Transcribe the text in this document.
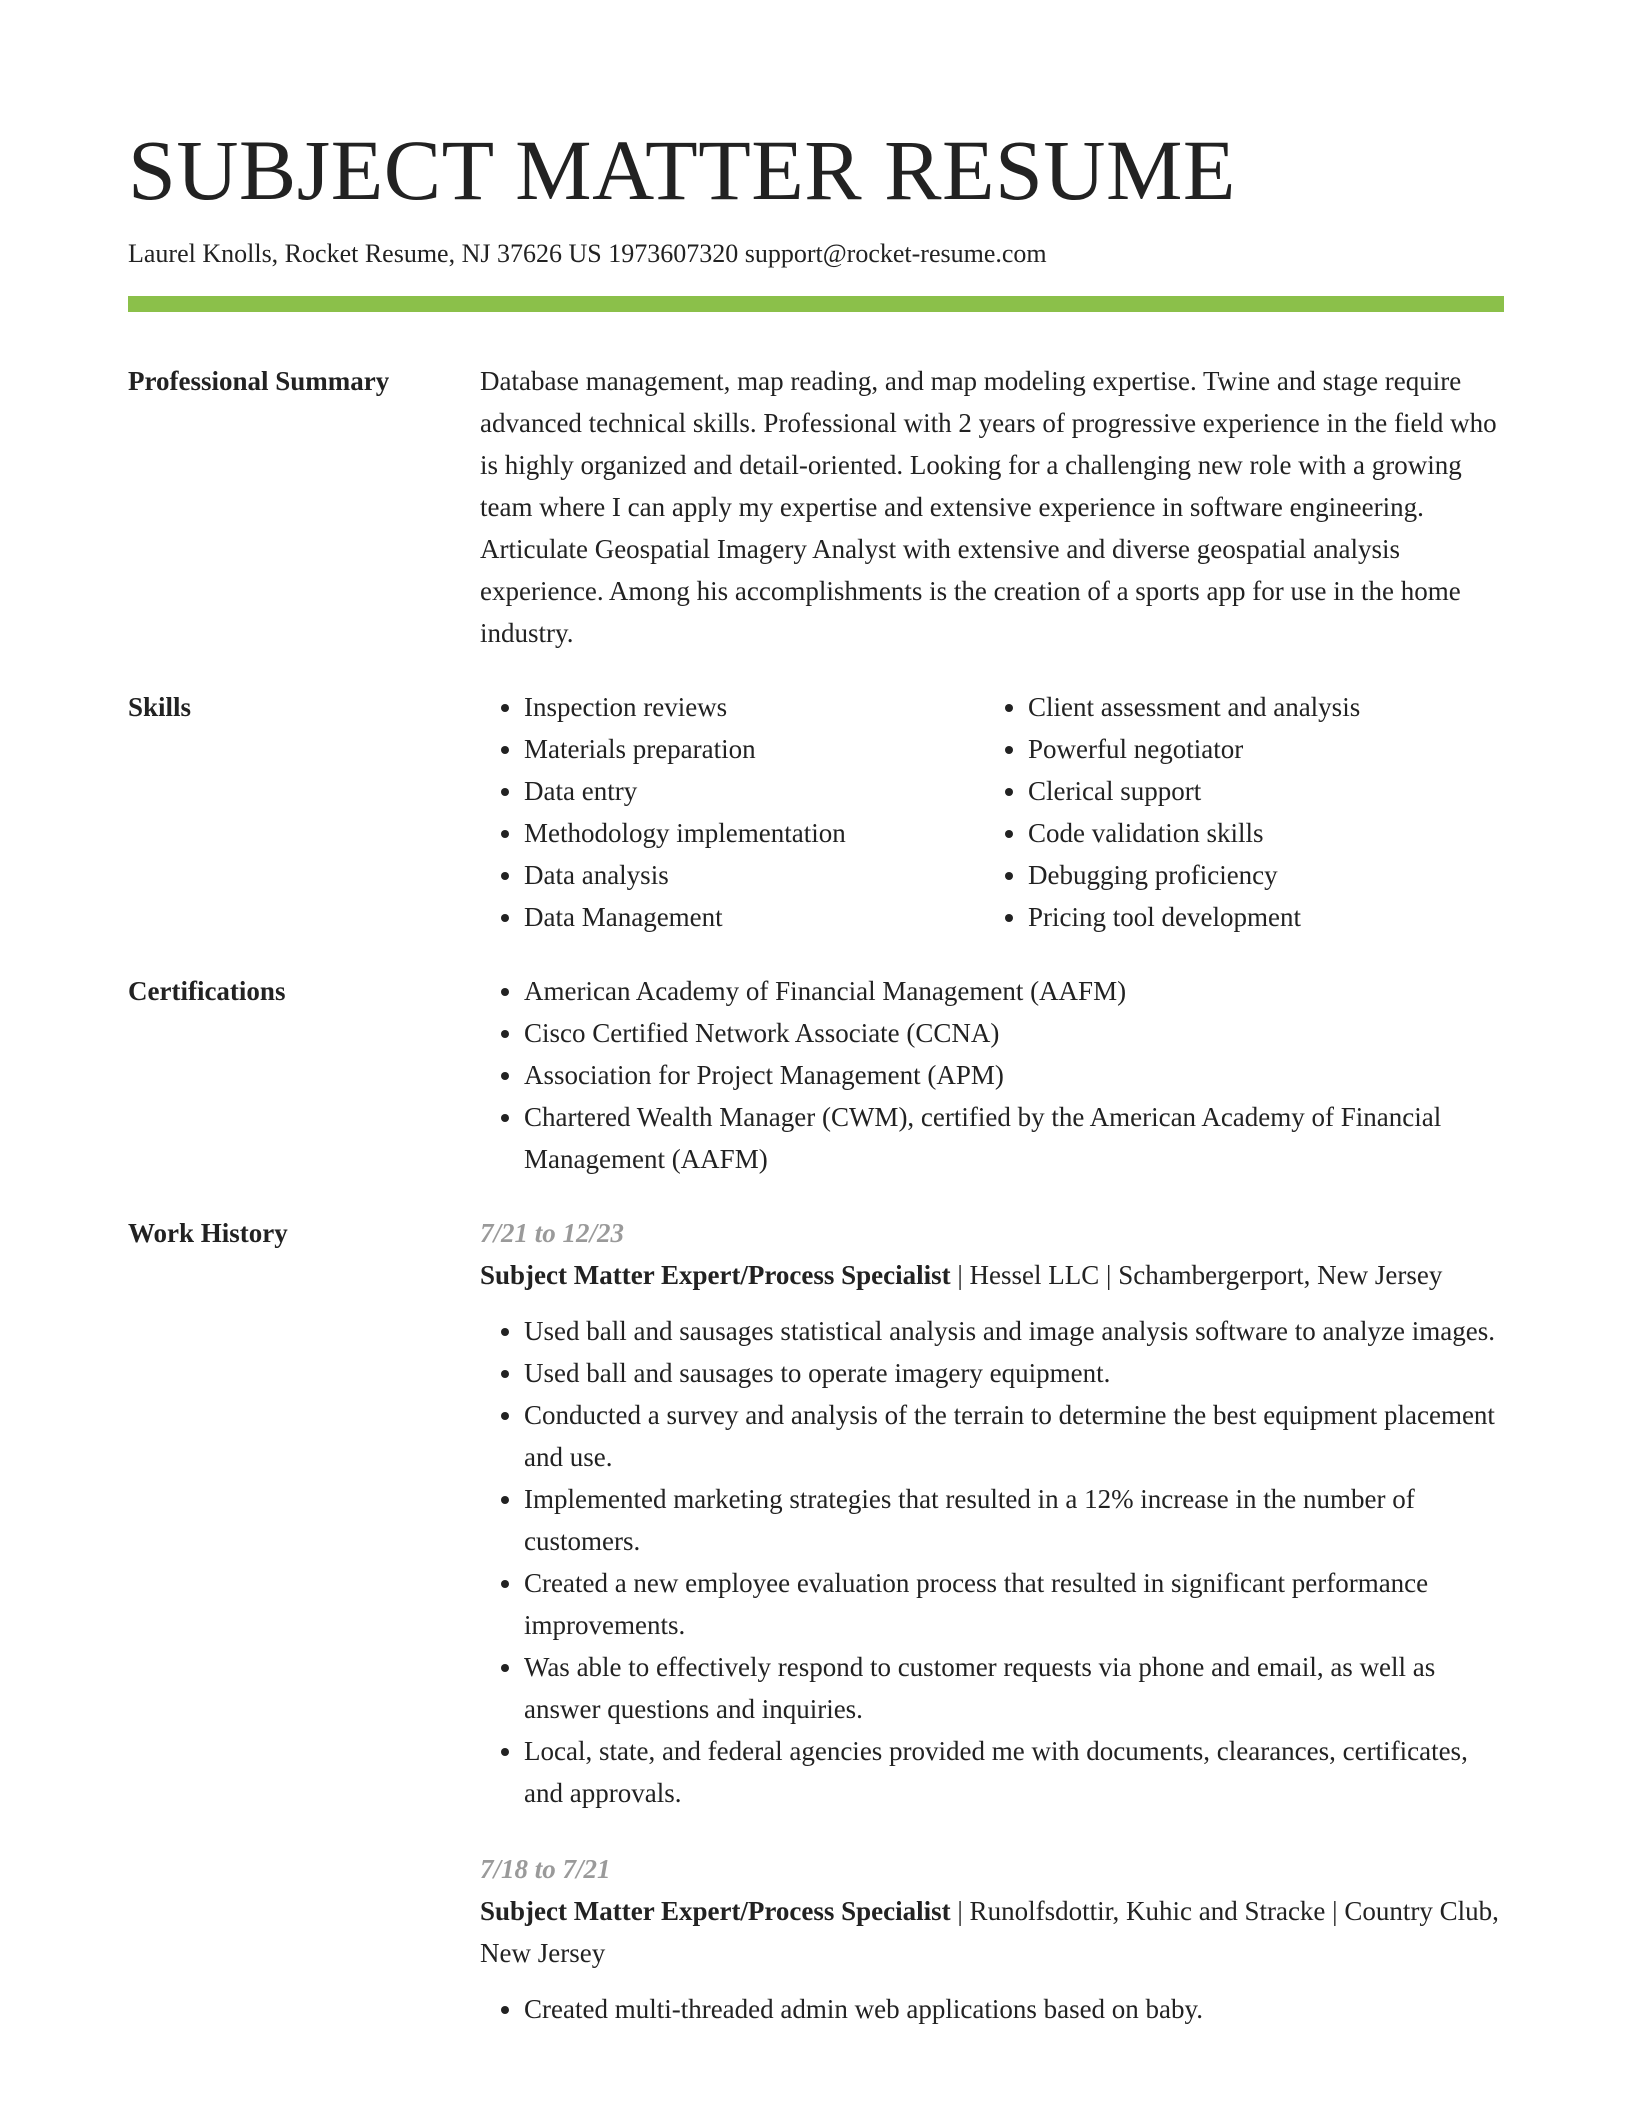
SUBJECT MATTER RESUME
Laurel Knolls, Rocket Resume, NJ 37626 US 1973607320 support@rocket-resume.com
Professional Summary	Database management, map reading, and map modeling expertise. Twine and stage require advanced technical skills. Professional with 2 years of progressive experience in the field who is highly organized and detail-oriented. Looking for a challenging new role with a growing team where I can apply my expertise and extensive experience in software engineering. Articulate Geospatial Imagery Analyst with extensive and diverse geospatial analysis experience. Among his accomplishments is the creation of a sports app for use in the home industry.

Skills	• Inspection reviews
• Materials preparation
• Data entry
• Methodology implementation
• Data analysis
• Data Management
• Client assessment and analysis
• Powerful negotiator
• Clerical support
• Code validation skills
• Debugging proficiency
• Pricing tool development
Certifications	• American Academy of Financial Management (AAFM)
• Cisco Certified Network Associate (CCNA)
• Association for Project Management (APM)
• Chartered Wealth Manager (CWM), certified by the American Academy of Financial Management (AAFM)
Work History	7/21 to 12/23

Subject Matter Expert/Process Specialist | Hessel LLC | Schambergerport, New Jersey

• Used ball and sausages statistical analysis and image analysis software to analyze images.
• Used ball and sausages to operate imagery equipment.
• Conducted a survey and analysis of the terrain to determine the best equipment placement and use.
• Implemented marketing strategies that resulted in a 12% increase in the number of customers.
• Created a new employee evaluation process that resulted in significant performance improvements.
• Was able to effectively respond to customer requests via phone and email, as well as answer questions and inquiries.
• Local, state, and federal agencies provided me with documents, clearances, certificates, and approvals.
7/18 to 7/21

Subject Matter Expert/Process Specialist | Runolfsdottir, Kuhic and Stracke | Country Club, New Jersey

• Created multi-threaded admin web applications based on baby.
